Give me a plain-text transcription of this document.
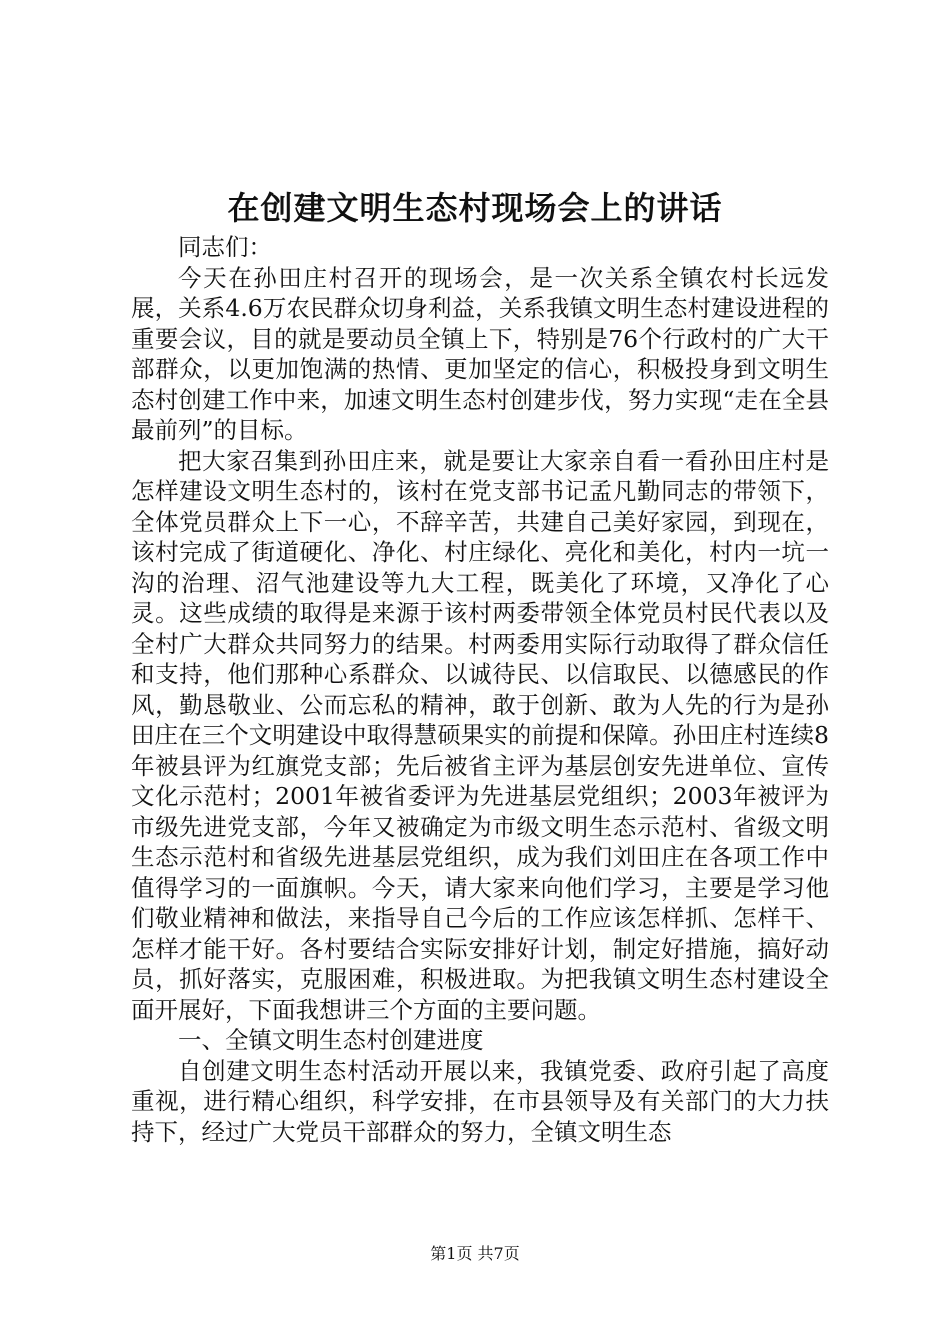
在创建文明生态村现场会上的讲话

同志们：

今天在孙田庄村召开的现场会，是一次关系全镇农村长远发展，关系4.6万农民群众切身利益，关系我镇文明生态村建设进程的重要会议，目的就是要动员全镇上下，特别是76个行政村的广大干部群众，以更加饱满的热情、更加坚定的信心，积极投身到文明生态村创建工作中来，加速文明生态村创建步伐，努力实现“走在全县最前列”的目标。

把大家召集到孙田庄来，就是要让大家亲自看一看孙田庄村是怎样建设文明生态村的，该村在党支部书记孟凡勤同志的带领下，全体党员群众上下一心，不辞辛苦，共建自己美好家园，到现在，该村完成了街道硬化、净化、村庄绿化、亮化和美化，村内一坑一沟的治理、沼气池建设等九大工程，既美化了环境，又净化了心灵。这些成绩的取得是来源于该村两委带领全体党员村民代表以及全村广大群众共同努力的结果。村两委用实际行动取得了群众信任和支持，他们那种心系群众、以诚待民、以信取民、以德感民的作风，勤恳敬业、公而忘私的精神，敢于创新、敢为人先的行为是孙田庄在三个文明建设中取得慧硕果实的前提和保障。孙田庄村连续8年被县评为红旗党支部；先后被省主评为基层创安先进单位、宣传文化示范村；2001年被省委评为先进基层党组织；2003年被评为市级先进党支部，今年又被确定为市级文明生态示范村、省级文明生态示范村和省级先进基层党组织，成为我们刘田庄在各项工作中值得学习的一面旗帜。今天，请大家来向他们学习，主要是学习他们敬业精神和做法，来指导自己今后的工作应该怎样抓、怎样干、怎样才能干好。各村要结合实际安排好计划，制定好措施，搞好动员，抓好落实，克服困难，积极进取。为把我镇文明生态村建设全面开展好，下面我想讲三个方面的主要问题。

一、全镇文明生态村创建进度

自创建文明生态村活动开展以来，我镇党委、政府引起了高度重视，进行精心组织，科学安排，在市县领导及有关部门的大力扶持下，经过广大党员干部群众的努力，全镇文明生态

第1页 共7页
